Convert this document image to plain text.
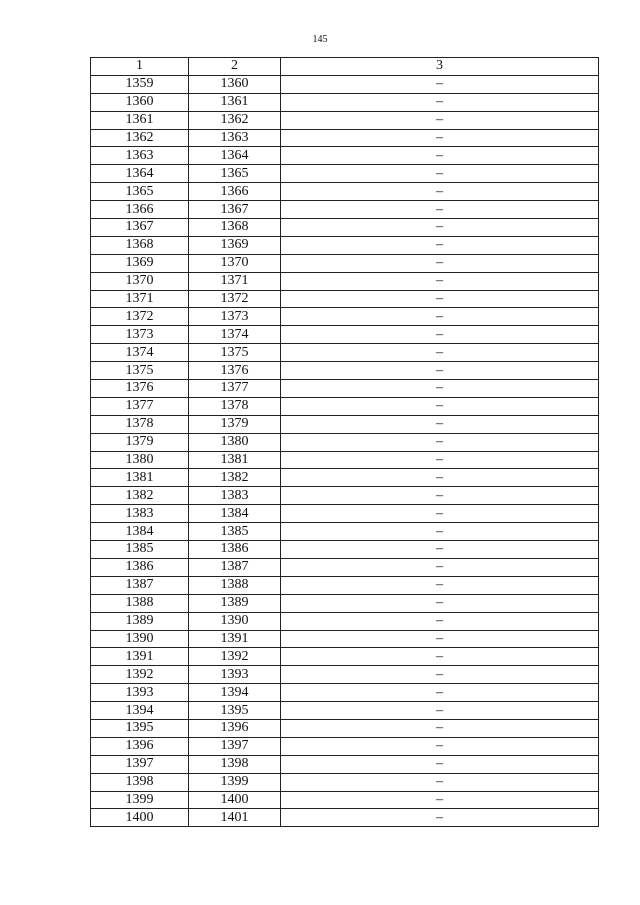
145
1	2	3
1359	1360	–
1360	1361	–
1361	1362	–
1362	1363	–
1363	1364	–
1364	1365	–
1365	1366	–
1366	1367	–
1367	1368	–
1368	1369	–
1369	1370	–
1370	1371	–
1371	1372	–
1372	1373	–
1373	1374	–
1374	1375	–
1375	1376	–
1376	1377	–
1377	1378	–
1378	1379	–
1379	1380	–
1380	1381	–
1381	1382	–
1382	1383	–
1383	1384	–
1384	1385	–
1385	1386	–
1386	1387	–
1387	1388	–
1388	1389	–
1389	1390	–
1390	1391	–
1391	1392	–
1392	1393	–
1393	1394	–
1394	1395	–
1395	1396	–
1396	1397	–
1397	1398	–
1398	1399	–
1399	1400	–
1400	1401	–
